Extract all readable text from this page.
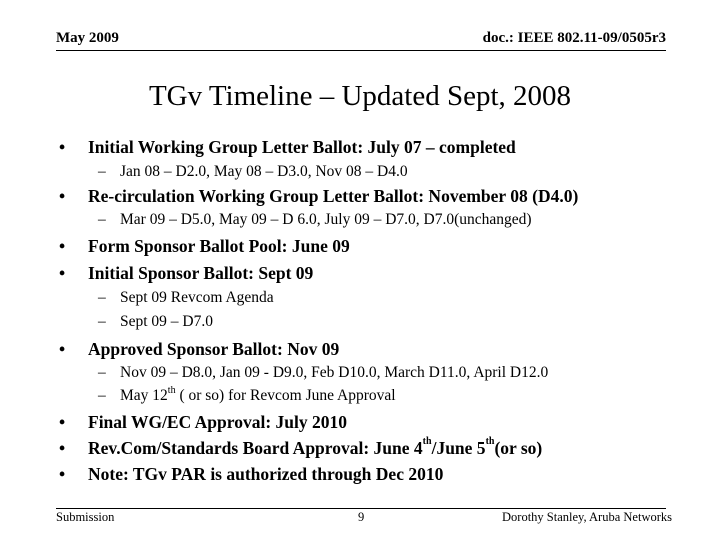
May 2009	doc.: IEEE 802.11-09/0505r3
TGv Timeline – Updated Sept, 2008
• Initial Working Group Letter Ballot: July 07 – completed
– Jan 08 – D2.0, May 08 – D3.0, Nov 08 – D4.0
• Re-circulation Working Group Letter Ballot: November 08 (D4.0)
– Mar 09 – D5.0, May 09 – D 6.0, July 09 – D7.0, D7.0(unchanged)
• Form Sponsor Ballot Pool: June 09
• Initial Sponsor Ballot: Sept 09
– Sept 09 Revcom Agenda
– Sept 09 – D7.0
• Approved Sponsor Ballot: Nov 09
– Nov 09 – D8.0, Jan 09 - D9.0, Feb D10.0, March D11.0, April D12.0
– May 12th ( or so) for Revcom June Approval
• Final WG/EC Approval: July 2010
• Rev.Com/Standards Board Approval: June 4th/June 5th(or so)
• Note: TGv PAR is authorized through Dec 2010
Submission	9	Dorothy Stanley, Aruba Networks
